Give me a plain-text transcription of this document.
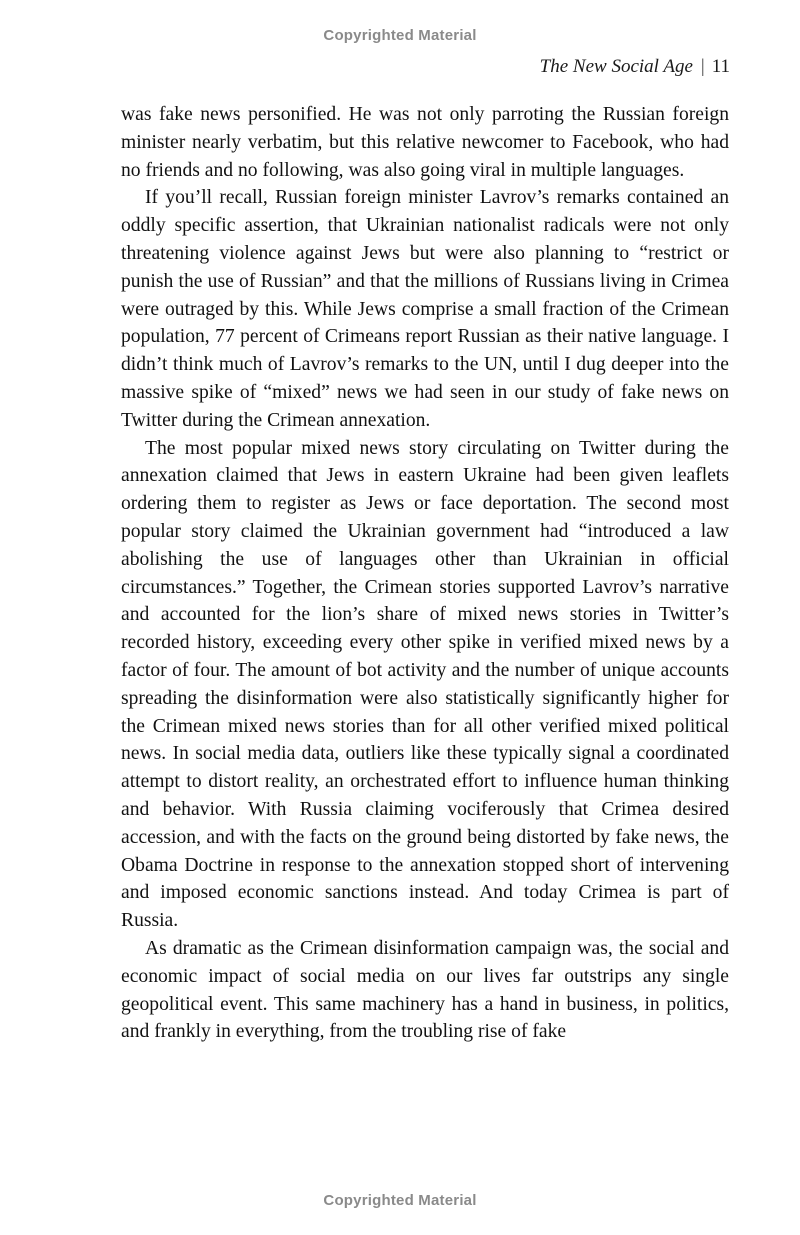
Copyrighted Material
The New Social Age | 11

was fake news personified. He was not only parroting the Russian foreign minister nearly verbatim, but this relative newcomer to Facebook, who had no friends and no following, was also going viral in multiple languages.

If you’ll recall, Russian foreign minister Lavrov’s remarks contained an oddly specific assertion, that Ukrainian nationalist radicals were not only threatening violence against Jews but were also planning to “restrict or punish the use of Russian” and that the millions of Russians living in Crimea were outraged by this. While Jews comprise a small fraction of the Crimean population, 77 percent of Crimeans report Russian as their native language. I didn’t think much of Lavrov’s remarks to the UN, until I dug deeper into the massive spike of “mixed” news we had seen in our study of fake news on Twitter during the Crimean annexation.

The most popular mixed news story circulating on Twitter during the annexation claimed that Jews in eastern Ukraine had been given leaflets ordering them to register as Jews or face deportation. The second most popular story claimed the Ukrainian government had “introduced a law abolishing the use of languages other than Ukrainian in official circumstances.” Together, the Crimean stories supported Lavrov’s narrative and accounted for the lion’s share of mixed news stories in Twitter’s recorded history, exceeding every other spike in verified mixed news by a factor of four. The amount of bot activity and the number of unique accounts spreading the disinformation were also statistically significantly higher for the Crimean mixed news stories than for all other verified mixed political news. In social media data, outliers like these typically signal a coordinated attempt to distort reality, an orchestrated effort to influence human thinking and behavior. With Russia claiming vociferously that Crimea desired accession, and with the facts on the ground being distorted by fake news, the Obama Doctrine in response to the annexation stopped short of intervening and imposed economic sanctions instead. And today Crimea is part of Russia.

As dramatic as the Crimean disinformation campaign was, the social and economic impact of social media on our lives far outstrips any single geopolitical event. This same machinery has a hand in business, in politics, and frankly in everything, from the troubling rise of fake

Copyrighted Material
